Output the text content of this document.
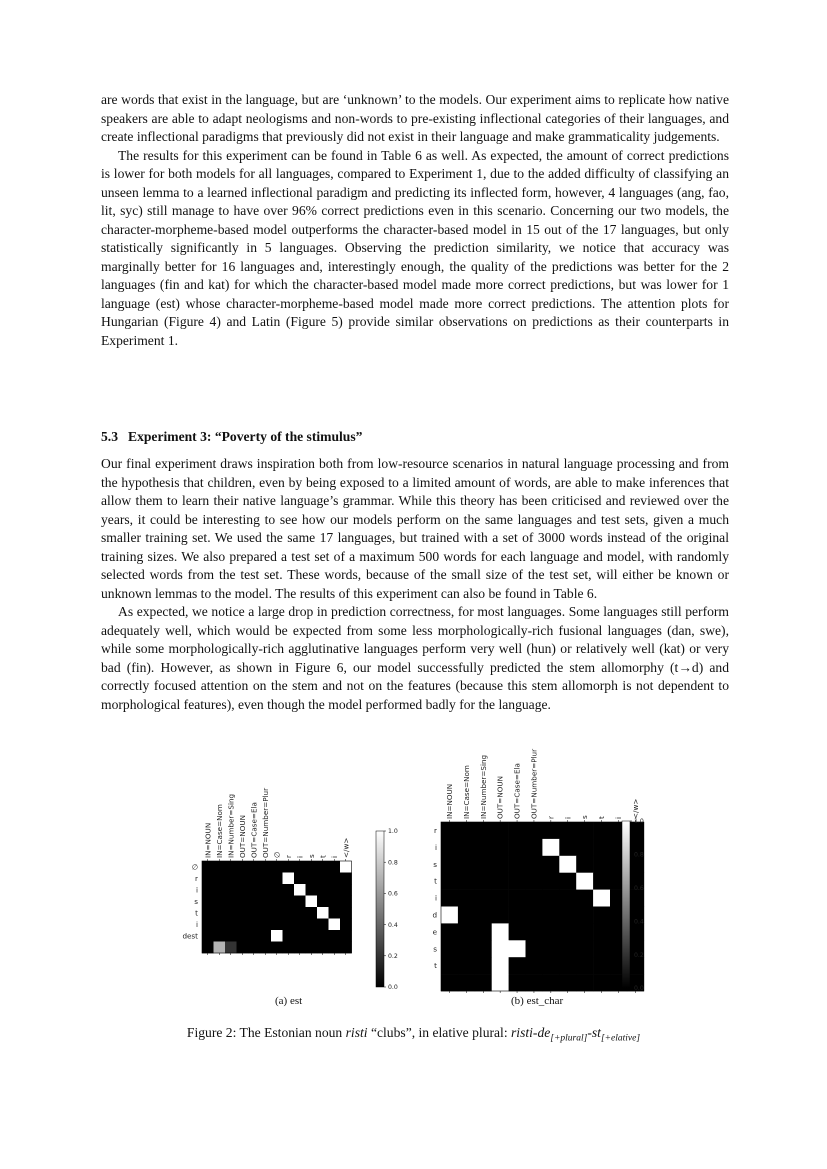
are words that exist in the language, but are ‘unknown’ to the models. Our experiment aims to replicate how native speakers are able to adapt neologisms and non-words to pre-existing inflectional categories of their languages, and create inflectional paradigms that previously did not exist in their language and make grammaticality judgements.

The results for this experiment can be found in Table 6 as well. As expected, the amount of correct predictions is lower for both models for all languages, compared to Experiment 1, due to the added difficulty of classifying an unseen lemma to a learned inflectional paradigm and predicting its inflected form, however, 4 languages (ang, fao, lit, syc) still manage to have over 96% correct predictions even in this scenario. Concerning our two models, the character-morpheme-based model outperforms the character-based model in 15 out of the 17 languages, but only statistically significantly in 5 languages. Observing the prediction similarity, we notice that accuracy was marginally better for 16 languages and, interestingly enough, the quality of the predictions was better for the 2 languages (fin and kat) for which the character-based model made more correct predictions, but was lower for 1 language (est) whose character-morpheme-based model made more correct predictions. The attention plots for Hungarian (Figure 4) and Latin (Figure 5) provide similar observations on predictions as their counterparts in Experiment 1.

5.3 Experiment 3: “Poverty of the stimulus”

Our final experiment draws inspiration both from low-resource scenarios in natural language processing and from the hypothesis that children, even by being exposed to a limited amount of words, are able to make inferences that allow them to learn their native language’s grammar. While this theory has been criticised and reviewed over the years, it could be interesting to see how our models perform on the same languages and test sets, given a much smaller training set. We used the same 17 languages, but trained with a set of 3000 words instead of the original training sizes. We also prepared a test set of a maximum 500 words for each language and model, with randomly selected words from the test set. These words, because of the small size of the test set, will either be known or unknown lemmas to the model. The results of this experiment can also be found in Table 6.

As expected, we notice a large drop in prediction correctness, for most languages. Some languages still perform adequately well, which would be expected from some less morphologically-rich fusional languages (dan, swe), while some morphologically-rich agglutinative languages perform very well (hun) or relatively well (kat) or very bad (fin). However, as shown in Figure 6, our model successfully predicted the stem allomorphy (t→d) and correctly focused attention on the stem and not on the features (because this stem allomorph is not dependent to morphological features), even though the model performed badly for the language.

IN=NOUN IN=Case=Nom IN=Number=Sing OUT=NOUN OUT=Case=Ela OUT=Number=Plur ∅ r i s t i </w>
∅
r
i
s
t
i
dest
1.0
0.8
0.6
0.4
0.2
0.0
IN=NOUN IN=Case=Nom IN=Number=Sing OUT=NOUN OUT=Case=Ela OUT=Number=Plur r i s t i </w>
r
i
s
t
i
d
e
s
t
1.0
0.8
0.6
0.4
0.2
0.0
(a) est	(b) est_char
Figure 2: The Estonian noun risti “clubs”, in elative plural: risti-$de_{[+plural]}-st_{[+elative]}$
